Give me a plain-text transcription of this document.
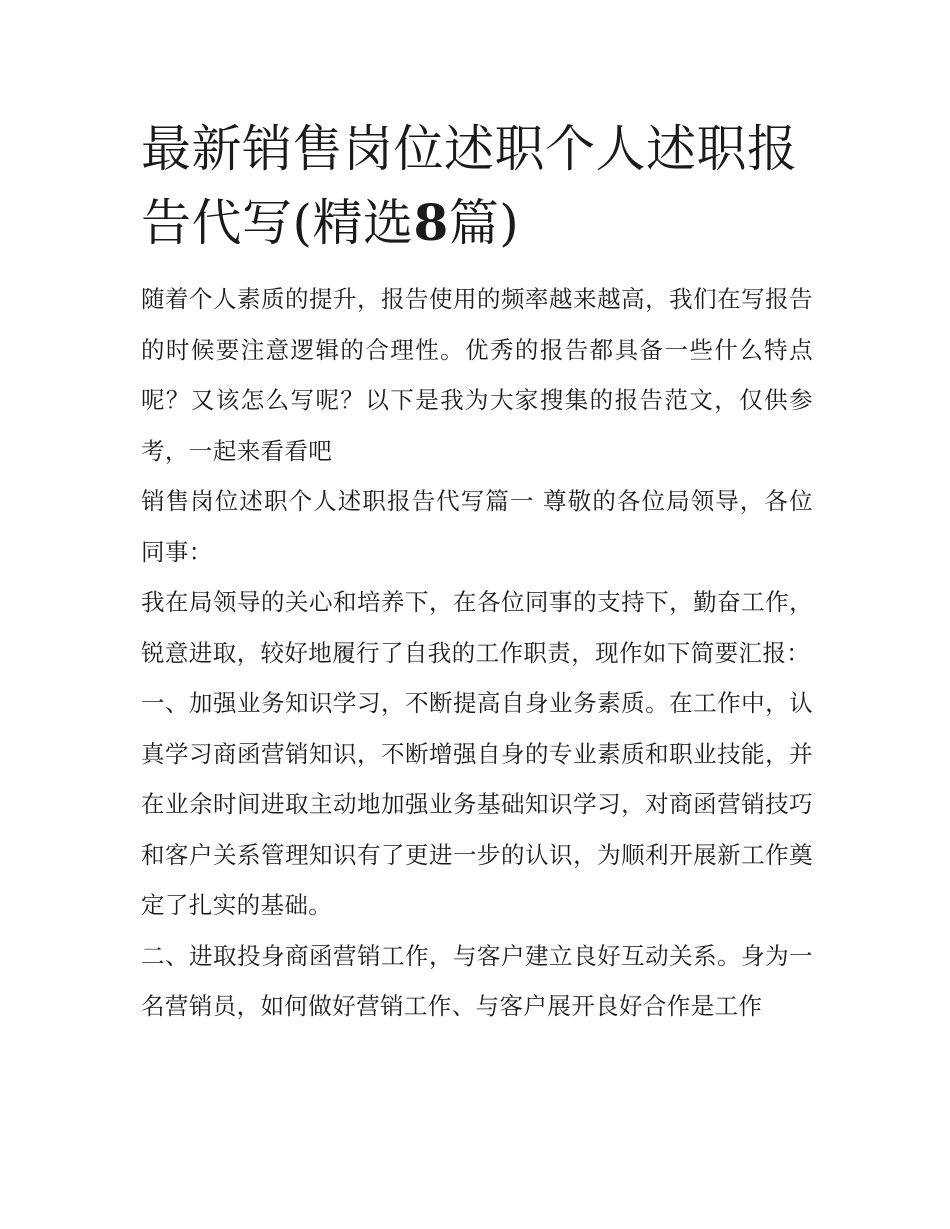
最新销售岗位述职个人述职报告代写(精选8篇)

随着个人素质的提升，报告使用的频率越来越高，我们在写报告的时候要注意逻辑的合理性。优秀的报告都具备一些什么特点呢？又该怎么写呢？以下是我为大家搜集的报告范文，仅供参考，一起来看看吧

销售岗位述职个人述职报告代写篇一 尊敬的各位局领导，各位同事：

我在局领导的关心和培养下，在各位同事的支持下，勤奋工作，锐意进取，较好地履行了自我的工作职责，现作如下简要汇报：

一、加强业务知识学习，不断提高自身业务素质。在工作中，认真学习商函营销知识，不断增强自身的专业素质和职业技能，并在业余时间进取主动地加强业务基础知识学习，对商函营销技巧和客户关系管理知识有了更进一步的认识，为顺利开展新工作奠定了扎实的基础。

二、进取投身商函营销工作，与客户建立良好互动关系。身为一名营销员，如何做好营销工作、与客户展开良好合作是工作
